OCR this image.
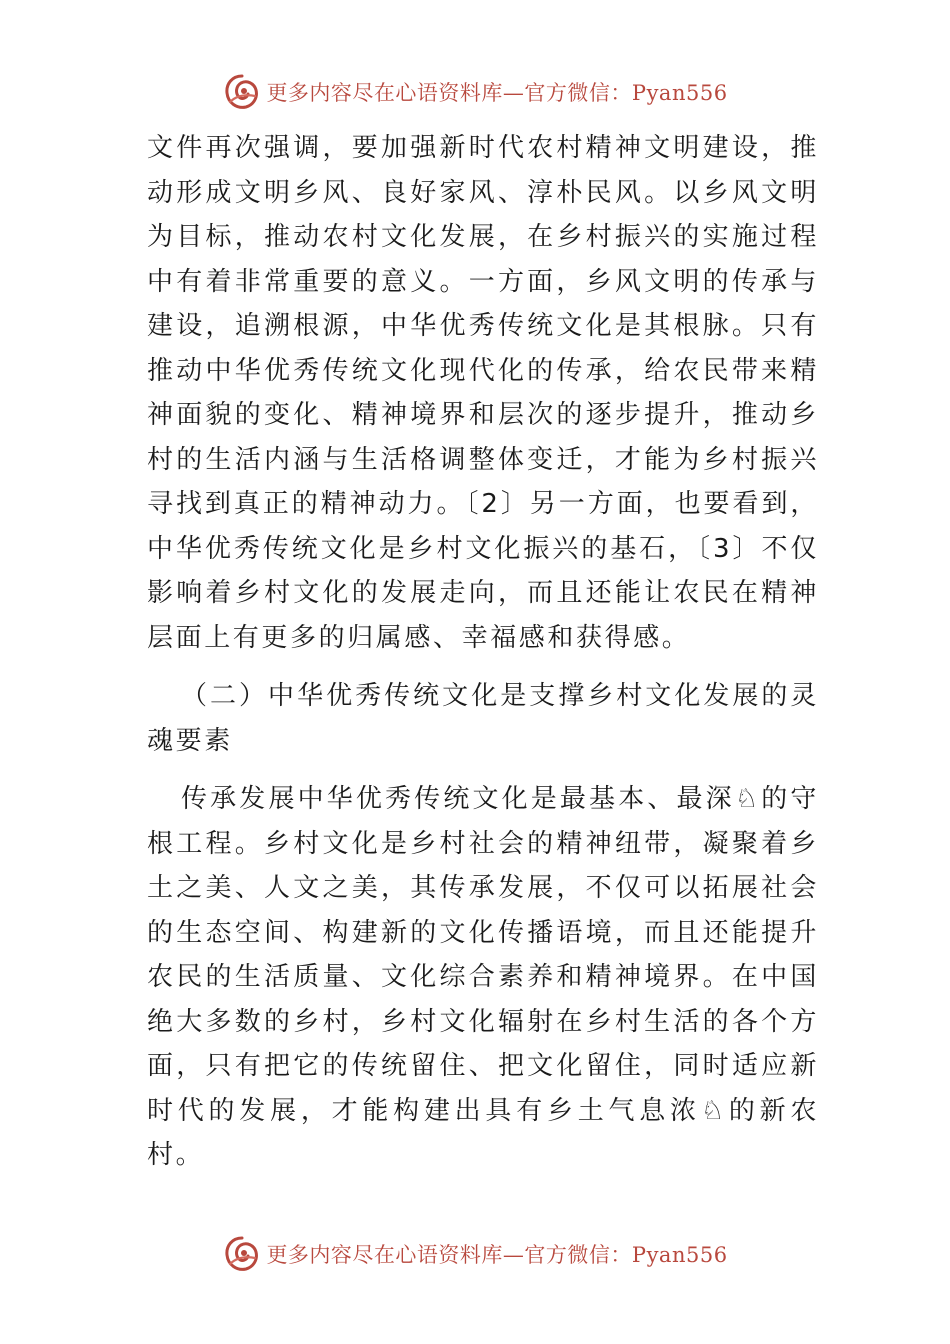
更多内容尽在心语资料库—官方微信：Pyan556

文件再次强调，要加强新时代农村精神文明建设，推动形成文明乡风、良好家风、淳朴民风。以乡风文明为目标，推动农村文化发展，在乡村振兴的实施过程中有着非常重要的意义。一方面，乡风文明的传承与建设，追溯根源，中华优秀传统文化是其根脉。只有推动中华优秀传统文化现代化的传承，给农民带来精神面貌的变化、精神境界和层次的逐步提升，推动乡村的生活内涵与生活格调整体变迁，才能为乡村振兴寻找到真正的精神动力。〔2〕另一方面，也要看到，中华优秀传统文化是乡村文化振兴的基石，〔3〕不仅影响着乡村文化的发展走向，而且还能让农民在精神层面上有更多的归属感、幸福感和获得感。

（二）中华优秀传统文化是支撑乡村文化发展的灵魂要素

传承发展中华优秀传统文化是最基本、最深♘的守根工程。乡村文化是乡村社会的精神纽带，凝聚着乡土之美、人文之美，其传承发展，不仅可以拓展社会的生态空间、构建新的文化传播语境，而且还能提升农民的生活质量、文化综合素养和精神境界。在中国绝大多数的乡村，乡村文化辐射在乡村生活的各个方面，只有把它的传统留住、把文化留住，同时适应新时代的发展，才能构建出具有乡土气息浓♘的新农村。

更多内容尽在心语资料库—官方微信：Pyan556
